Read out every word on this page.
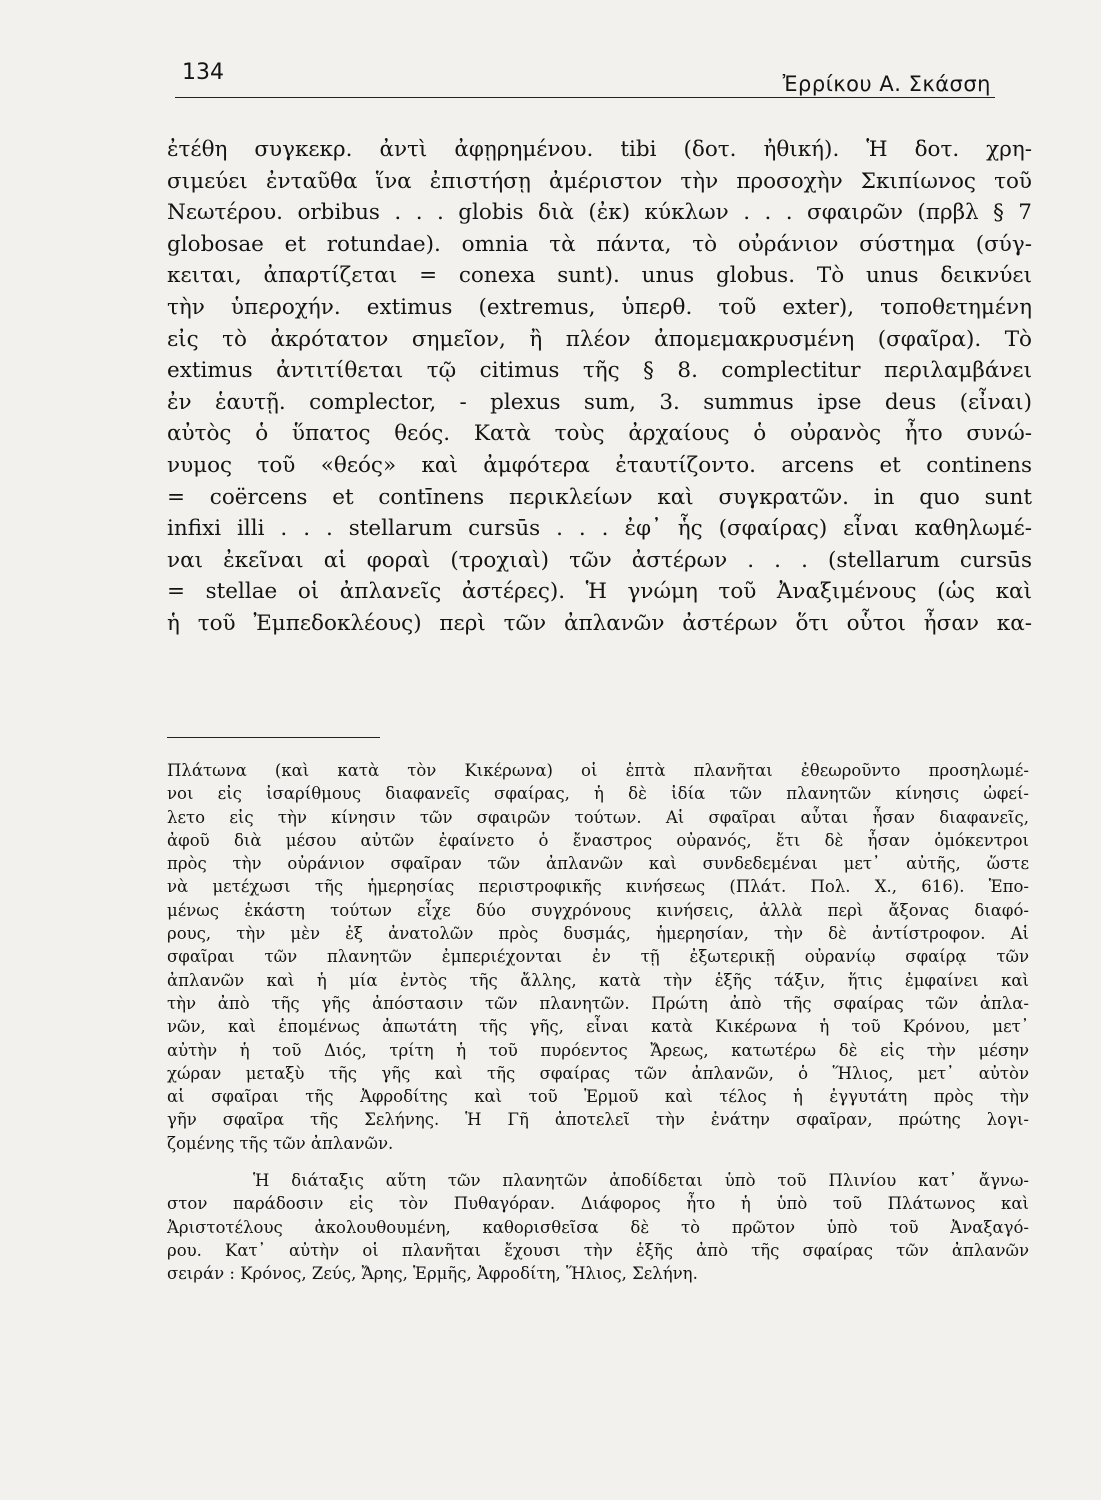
134	Ἐρρίκου Α. Σκάσση
ἐτέθη συγκεκρ. ἀντὶ ἀφῃρημένου. tibi (δοτ. ἠθική). Ἡ δοτ. χρη-
σιμεύει ἐνταῦθα ἵνα ἐπιστήσῃ ἀμέριστον τὴν προσοχὴν Σκιπίωνος τοῦ
Νεωτέρου. orbibus . . . globis διὰ (ἐκ) κύκλων . . . σφαιρῶν (πρβλ § 7
globosae et rotundae). omnia τὰ πάντα, τὸ οὐράνιον σύστημα (σύγ-
κειται, ἀπαρτίζεται = conexa sunt). unus globus. Τὸ unus δεικνύει
τὴν ὑπεροχήν. extimus (extremus, ὑπερθ. τοῦ exter), τοποθετημένη
εἰς τὸ ἀκρότατον σημεῖον, ἢ πλέον ἀπομεμακρυσμένη (σφαῖρα). Τὸ
extimus ἀντιτίθεται τῷ citimus τῆς § 8. complectitur περιλαμβάνει
ἐν ἑαυτῇ. complector, - plexus sum, 3. summus ipse deus (εἶναι)
αὐτὸς ὁ ὕπατος θεός. Κατὰ τοὺς ἀρχαίους ὁ οὐρανὸς ἦτο συνώ-
νυμος τοῦ «θεός» καὶ ἀμφότερα ἐταυτίζοντο. arcens et continens
= coërcens et contīnens περικλείων καὶ συγκρατῶν. in quo sunt
infixi illi . . . stellarum cursūs . . . ἐφ᾽ ἧς (σφαίρας) εἶναι καθηλωμέ-
ναι ἐκεῖναι αἱ φοραὶ (τροχιαὶ) τῶν ἀστέρων . . . (stellarum cursūs
= stellae οἱ ἀπλανεῖς ἀστέρες). Ἡ γνώμη τοῦ Ἀναξιμένους (ὡς καὶ
ἡ τοῦ Ἐμπεδοκλέους) περὶ τῶν ἀπλανῶν ἀστέρων ὅτι οὗτοι ἦσαν κα-
Πλάτωνα (καὶ κατὰ τὸν Κικέρωνα) οἱ ἑπτὰ πλανῆται ἐθεωροῦντο προσηλωμέ-
νοι εἰς ἰσαρίθμους διαφανεῖς σφαίρας, ἡ δὲ ἰδία τῶν πλανητῶν κίνησις ὠφεί-
λετο εἰς τὴν κίνησιν τῶν σφαιρῶν τούτων. Αἱ σφαῖραι αὗται ἦσαν διαφανεῖς,
ἀφοῦ διὰ μέσου αὐτῶν ἐφαίνετο ὁ ἔναστρος οὐρανός, ἔτι δὲ ἦσαν ὁμόκεντροι
πρὸς τὴν οὐράνιον σφαῖραν τῶν ἀπλανῶν καὶ συνδεδεμέναι μετ᾽ αὐτῆς, ὥστε
νὰ μετέχωσι τῆς ἡμερησίας περιστροφικῆς κινήσεως (Πλάτ. Πολ. Χ., 616). Ἑπο-
μένως ἑκάστη τούτων εἶχε δύο συγχρόνους κινήσεις, ἀλλὰ περὶ ἄξονας διαφό-
ρους, τὴν μὲν ἐξ ἀνατολῶν πρὸς δυσμάς, ἡμερησίαν, τὴν δὲ ἀντίστροφον. Αἱ
σφαῖραι τῶν πλανητῶν ἐμπεριέχονται ἐν τῇ ἐξωτερικῇ οὐρανίῳ σφαίρᾳ τῶν
ἀπλανῶν καὶ ἡ μία ἐντὸς τῆς ἄλλης, κατὰ τὴν ἑξῆς τάξιν, ἥτις ἐμφαίνει καὶ
τὴν ἀπὸ τῆς γῆς ἀπόστασιν τῶν πλανητῶν. Πρώτη ἀπὸ τῆς σφαίρας τῶν ἀπλα-
νῶν, καὶ ἑπομένως ἀπωτάτη τῆς γῆς, εἶναι κατὰ Κικέρωνα ἡ τοῦ Κρόνου, μετ᾽
αὐτὴν ἡ τοῦ Διός, τρίτη ἡ τοῦ πυρόεντος Ἄρεως, κατωτέρω δὲ εἰς τὴν μέσην
χώραν μεταξὺ τῆς γῆς καὶ τῆς σφαίρας τῶν ἀπλανῶν, ὁ Ἥλιος, μετ᾽ αὐτὸν
αἱ σφαῖραι τῆς Ἀφροδίτης καὶ τοῦ Ἑρμοῦ καὶ τέλος ἡ ἐγγυτάτη πρὸς τὴν
γῆν σφαῖρα τῆς Σελήνης. Ἡ Γῆ ἀποτελεῖ τὴν ἐνάτην σφαῖραν, πρώτης λογι-
ζομένης τῆς τῶν ἀπλανῶν.
Ἡ διάταξις αὕτη τῶν πλανητῶν ἀποδίδεται ὑπὸ τοῦ Πλινίου κατ᾽ ἄγνω-
στον παράδοσιν εἰς τὸν Πυθαγόραν. Διάφορος ἦτο ἡ ὑπὸ τοῦ Πλάτωνος καὶ
Ἀριστοτέλους ἀκολουθουμένη, καθορισθεῖσα δὲ τὸ πρῶτον ὑπὸ τοῦ Ἀναξαγό-
ρου. Κατ᾽ αὐτὴν οἱ πλανῆται ἔχουσι τὴν ἑξῆς ἀπὸ τῆς σφαίρας τῶν ἀπλανῶν
σειράν : Κρόνος, Ζεύς, Ἄρης, Ἑρμῆς, Ἀφροδίτη, Ἥλιος, Σελήνη.
